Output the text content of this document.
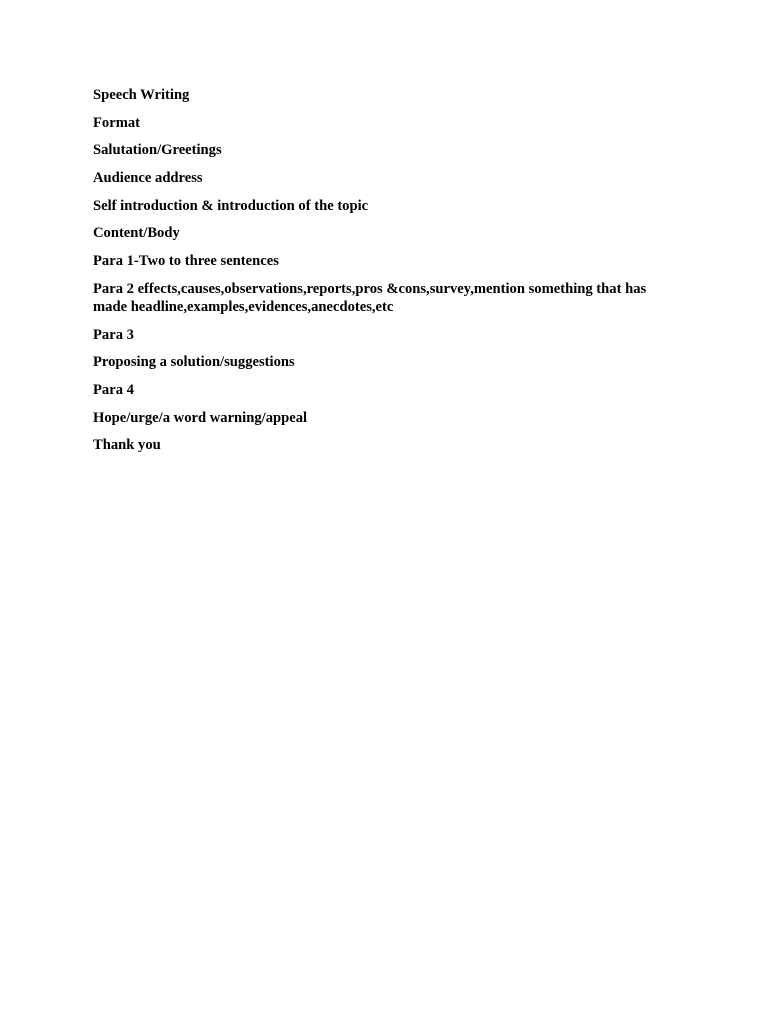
Speech Writing

Format

Salutation/Greetings

Audience address

Self introduction & introduction of the topic

Content/Body

Para 1-Two to three sentences

Para 2 effects,causes,observations,reports,pros &cons,survey,mention something that has made headline,examples,evidences,anecdotes,etc

Para 3

Proposing a solution/suggestions

Para 4

Hope/urge/a word warning/appeal

Thank you
